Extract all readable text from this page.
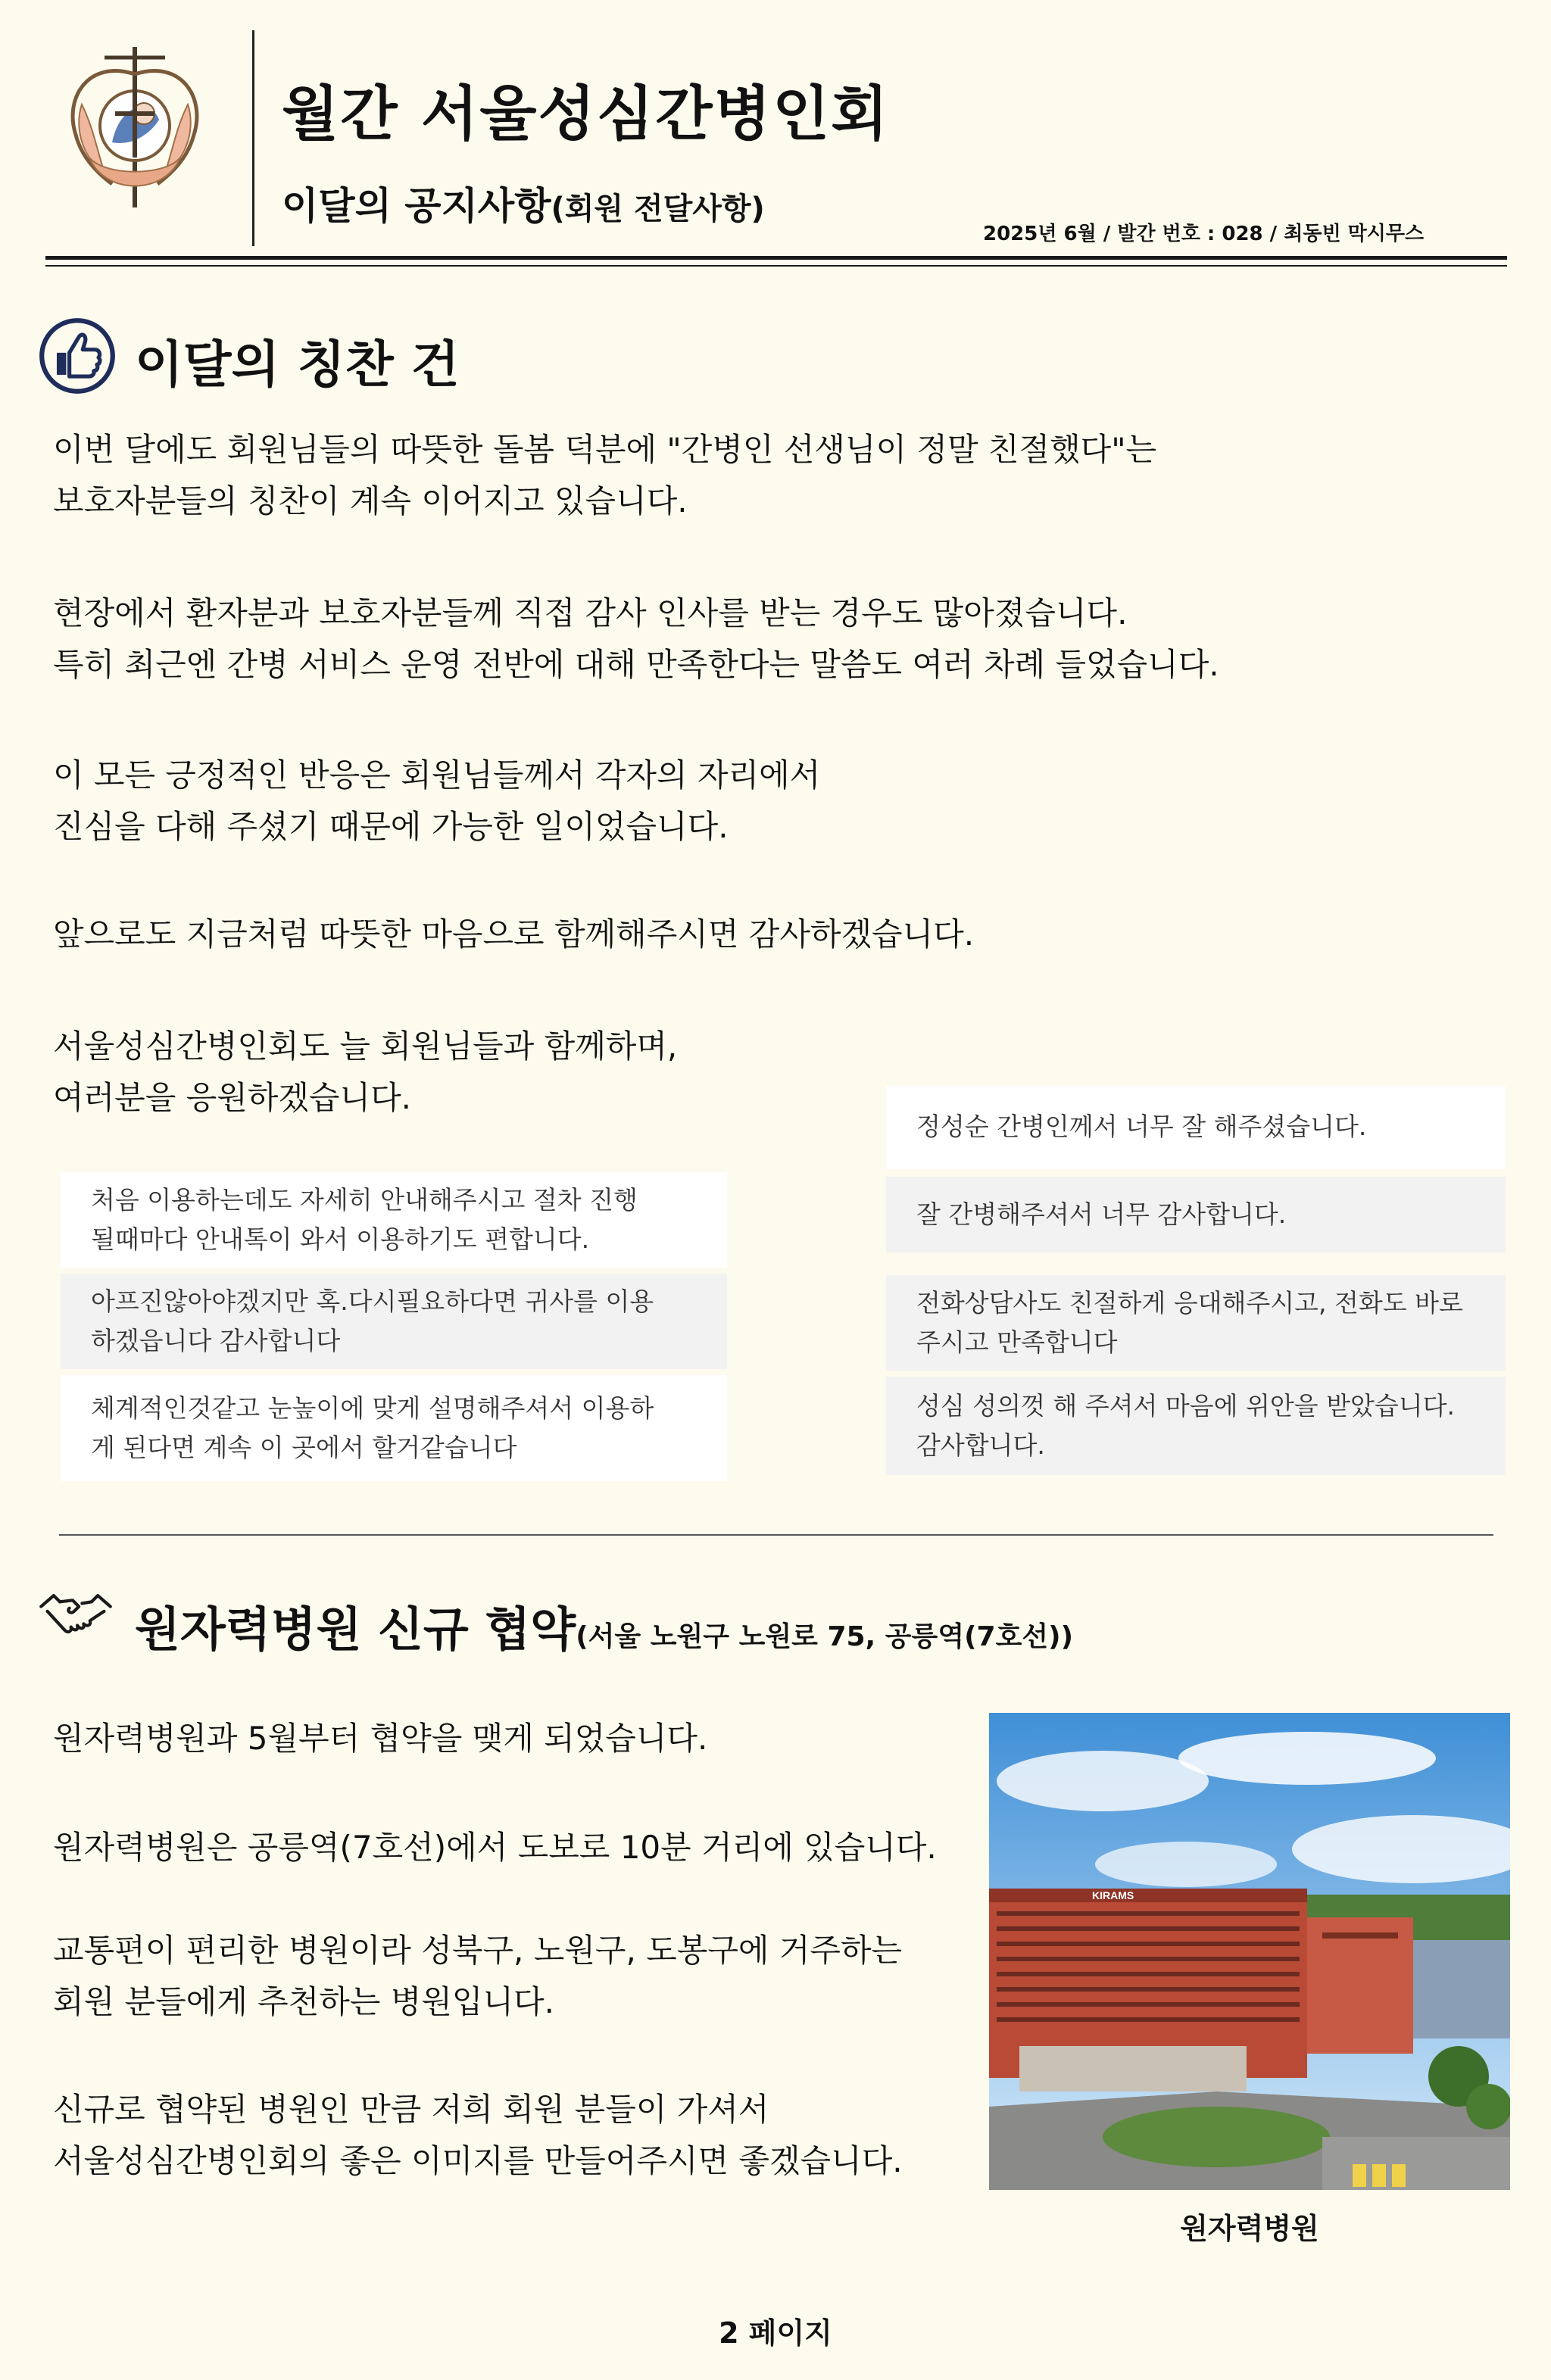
월간 서울성심간병인회
이달의 공지사항(회원 전달사항)
2025년 6월 / 발간 번호 : 028 / 최동빈 막시무스
이달의 칭찬 건
이번 달에도 회원님들의 따뜻한 돌봄 덕분에 "간병인 선생님이 정말 친절했다"는
보호자분들의 칭찬이 계속 이어지고 있습니다.
현장에서 환자분과 보호자분들께 직접 감사 인사를 받는 경우도 많아졌습니다.
특히 최근엔 간병 서비스 운영 전반에 대해 만족한다는 말씀도 여러 차례 들었습니다.
이 모든 긍정적인 반응은 회원님들께서 각자의 자리에서
진심을 다해 주셨기 때문에 가능한 일이었습니다.
앞으로도 지금처럼 따뜻한 마음으로 함께해주시면 감사하겠습니다.
서울성심간병인회도 늘 회원님들과 함께하며,
여러분을 응원하겠습니다.
처음 이용하는데도 자세히 안내해주시고 절차 진행
될때마다 안내톡이 와서 이용하기도 편합니다.
아프진않아야겠지만 혹.다시필요하다면 귀사를 이용
하겠읍니다 감사합니다
체계적인것같고 눈높이에 맞게 설명해주셔서 이용하
게 된다면 계속 이 곳에서 할거같습니다
정성순 간병인께서 너무 잘 해주셨습니다.
잘 간병해주셔서 너무 감사합니다.
전화상담사도 친절하게 응대해주시고, 전화도 바로
주시고 만족합니다
성심 성의껏 해 주셔서 마음에 위안을 받았습니다.
감사합니다.
원자력병원 신규 협약(서울 노원구 노원로 75, 공릉역(7호선))
원자력병원과 5월부터 협약을 맺게 되었습니다.
원자력병원은 공릉역(7호선)에서 도보로 10분 거리에 있습니다.
교통편이 편리한 병원이라 성북구, 노원구, 도봉구에 거주하는
회원 분들에게 추천하는 병원입니다.
신규로 협약된 병원인 만큼 저희 회원 분들이 가셔서
서울성심간병인회의 좋은 이미지를 만들어주시면 좋겠습니다.
KIRAMS
원자력병원
2 페이지
